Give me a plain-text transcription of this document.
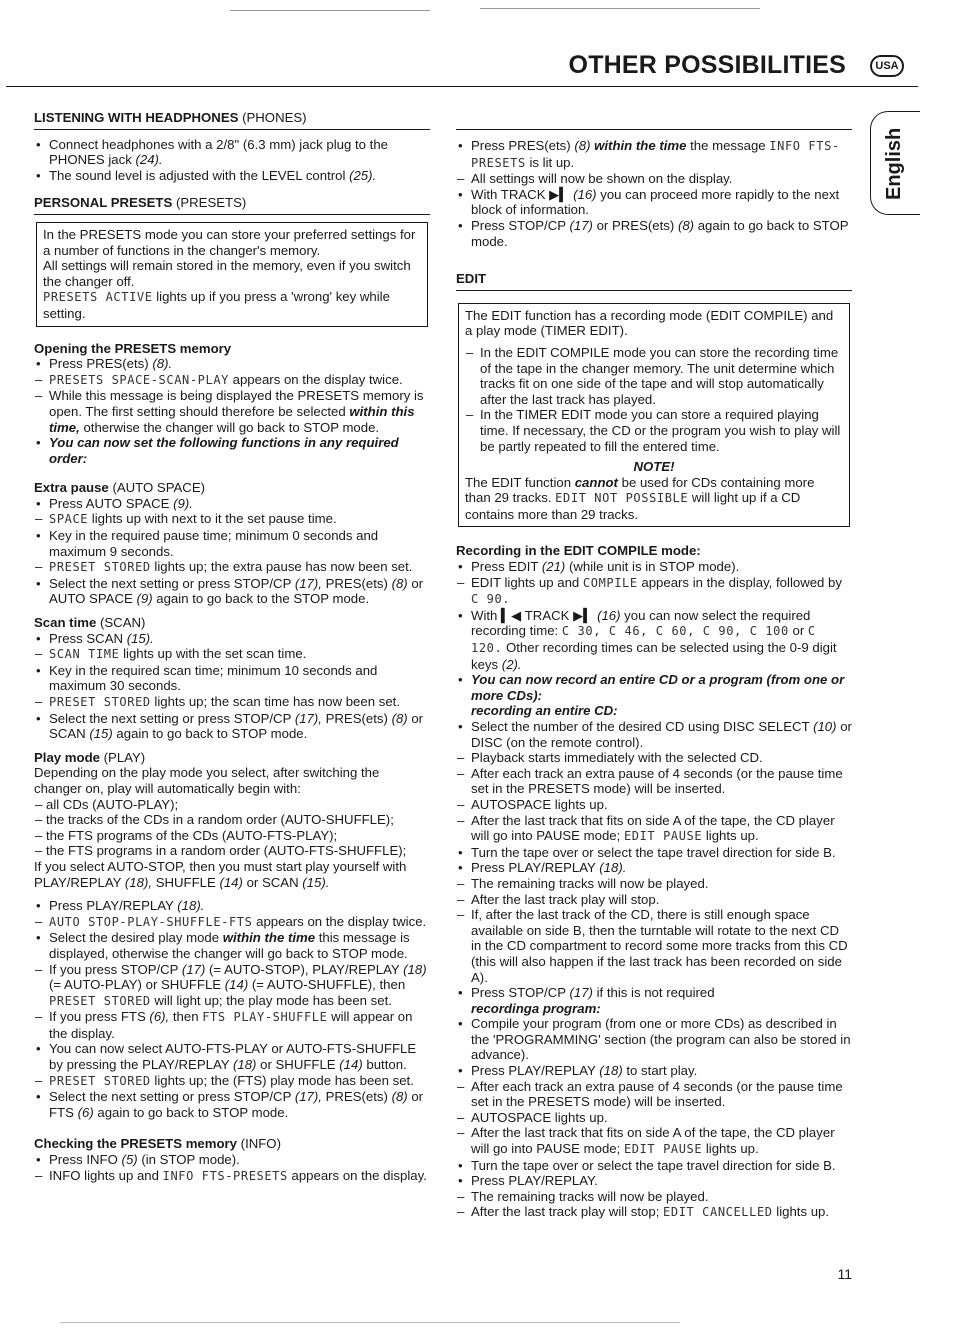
OTHER POSSIBILITIES	USA
English
LISTENING WITH HEADPHONES (PHONES)
• Connect headphones with a 2/8" (6.3 mm) jack plug to the PHONES jack (24).
• The sound level is adjusted with the LEVEL control (25).
PERSONAL PRESETS (PRESETS)
In the PRESETS mode you can store your preferred settings for a number of functions in the changer's memory.
All settings will remain stored in the memory, even if you switch the changer off.
PRESETS ACTIVE lights up if you press a 'wrong' key while setting.
Opening the PRESETS memory
• Press PRES(ets) (8).
– PRESETS SPACE-SCAN-PLAY appears on the display twice.
– While this message is being displayed the PRESETS memory is open. The first setting should therefore be selected within this time, otherwise the changer will go back to STOP mode.
• You can now set the following functions in any required order:
Extra pause (AUTO SPACE)
• Press AUTO SPACE (9).
– SPACE lights up with next to it the set pause time.
• Key in the required pause time; minimum 0 seconds and maximum 9 seconds.
– PRESET STORED lights up; the extra pause has now been set.
• Select the next setting or press STOP/CP (17), PRES(ets) (8) or AUTO SPACE (9) again to go back to the STOP mode.
Scan time (SCAN)
• Press SCAN (15).
– SCAN TIME lights up with the set scan time.
• Key in the required scan time; minimum 10 seconds and maximum 30 seconds.
– PRESET STORED lights up; the scan time has now been set.
• Select the next setting or press STOP/CP (17), PRES(ets) (8) or SCAN (15) again to go back to STOP mode.
Play mode (PLAY)
Depending on the play mode you select, after switching the changer on, play will automatically begin with:
– all CDs (AUTO-PLAY);
– the tracks of the CDs in a random order (AUTO-SHUFFLE);
– the FTS programs of the CDs (AUTO-FTS-PLAY);
– the FTS programs in a random order (AUTO-FTS-SHUFFLE);
If you select AUTO-STOP, then you must start play yourself with PLAY/REPLAY (18), SHUFFLE (14) or SCAN (15).
• Press PLAY/REPLAY (18).
– AUTO STOP-PLAY-SHUFFLE-FTS appears on the display twice.
• Select the desired play mode within the time this message is displayed, otherwise the changer will go back to STOP mode.
– If you press STOP/CP (17) (= AUTO-STOP), PLAY/REPLAY (18) (= AUTO-PLAY) or SHUFFLE (14) (= AUTO-SHUFFLE), then PRESET STORED will light up; the play mode has been set.
– If you press FTS (6), then FTS PLAY-SHUFFLE will appear on the display.
• You can now select AUTO-FTS-PLAY or AUTO-FTS-SHUFFLE by pressing the PLAY/REPLAY (18) or SHUFFLE (14) button.
– PRESET STORED lights up; the (FTS) play mode has been set.
• Select the next setting or press STOP/CP (17), PRES(ets) (8) or FTS (6) again to go back to STOP mode.
Checking the PRESETS memory (INFO)
• Press INFO (5) (in STOP mode).
– INFO lights up and INFO FTS-PRESETS appears on the display.
• Press PRES(ets) (8) within the time the message INFO FTS-PRESETS is lit up.
– All settings will now be shown on the display.
• With TRACK ▶︎▍ (16) you can proceed more rapidly to the next block of information.
• Press STOP/CP (17) or PRES(ets) (8) again to go back to STOP mode.
EDIT
The EDIT function has a recording mode (EDIT COMPILE) and a play mode (TIMER EDIT).
– In the EDIT COMPILE mode you can store the recording time of the tape in the changer memory. The unit determine which tracks fit on one side of the tape and will stop automatically after the last track has played.
– In the TIMER EDIT mode you can store a required playing time. If necessary, the CD or the program you wish to play will be partly repeated to fill the entered time.
NOTE!
The EDIT function cannot be used for CDs containing more than 29 tracks. EDIT NOT POSSIBLE will light up if a CD contains more than 29 tracks.
Recording in the EDIT COMPILE mode:
• Press EDIT (21) (while unit is in STOP mode).
– EDIT lights up and COMPILE appears in the display, followed by C 90.
• With ▍◀ TRACK ▶︎▍ (16) you can now select the required recording time: C 30, C 46, C 60, C 90, C 100 or C 120. Other recording times can be selected using the 0-9 digit keys (2).
• You can now record an entire CD or a program (from one or more CDs):
recording an entire CD:
• Select the number of the desired CD using DISC SELECT (10) or DISC (on the remote control).
– Playback starts immediately with the selected CD.
– After each track an extra pause of 4 seconds (or the pause time set in the PRESETS mode) will be inserted.
– AUTOSPACE lights up.
– After the last track that fits on side A of the tape, the CD player will go into PAUSE mode; EDIT PAUSE lights up.
• Turn the tape over or select the tape travel direction for side B.
• Press PLAY/REPLAY (18).
– The remaining tracks will now be played.
– After the last track play will stop.
– If, after the last track of the CD, there is still enough space available on side B, then the turntable will rotate to the next CD in the CD compartment to record some more tracks from this CD (this will also happen if the last track has been recorded on side A).
• Press STOP/CP (17) if this is not required
recordinga program:
• Compile your program (from one or more CDs) as described in the 'PROGRAMMING' section (the program can also be stored in advance).
• Press PLAY/REPLAY (18) to start play.
– After each track an extra pause of 4 seconds (or the pause time set in the PRESETS mode) will be inserted.
– AUTOSPACE lights up.
– After the last track that fits on side A of the tape, the CD player will go into PAUSE mode; EDIT PAUSE lights up.
• Turn the tape over or select the tape travel direction for side B.
• Press PLAY/REPLAY.
– The remaining tracks will now be played.
– After the last track play will stop; EDIT CANCELLED lights up.
11
